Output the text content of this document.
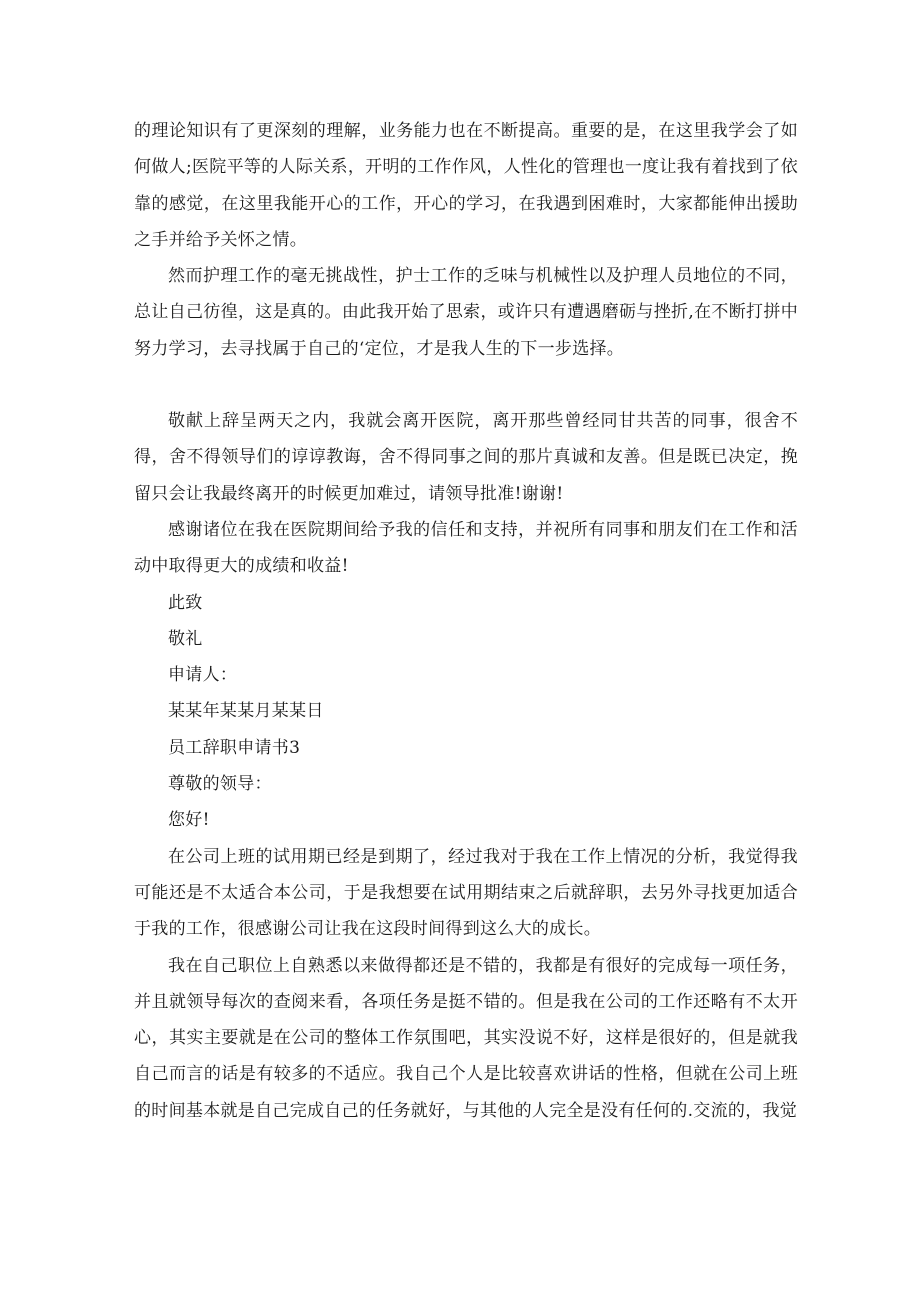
的理论知识有了更深刻的理解，业务能力也在不断提高。重要的是，在这里我学会了如何做人;医院平等的人际关系，开明的工作作风，人性化的管理也一度让我有着找到了依靠的感觉，在这里我能开心的工作，开心的学习，在我遇到困难时，大家都能伸出援助之手并给予关怀之情。

然而护理工作的毫无挑战性，护士工作的乏味与机械性以及护理人员地位的不同，总让自己彷徨，这是真的。由此我开始了思索，或许只有遭遇磨砺与挫折,在不断打拼中努力学习，去寻找属于自己的‘定位，才是我人生的下一步选择。

敬献上辞呈两天之内，我就会离开医院，离开那些曾经同甘共苦的同事，很舍不得，舍不得领导们的谆谆教诲，舍不得同事之间的那片真诚和友善。但是既已决定，挽留只会让我最终离开的时候更加难过，请领导批准!谢谢!

感谢诸位在我在医院期间给予我的信任和支持，并祝所有同事和朋友们在工作和活动中取得更大的成绩和收益!

此致

敬礼

申请人：

某某年某某月某某日

员工辞职申请书3

尊敬的领导：

您好!

在公司上班的试用期已经是到期了，经过我对于我在工作上情况的分析，我觉得我可能还是不太适合本公司，于是我想要在试用期结束之后就辞职，去另外寻找更加适合于我的工作，很感谢公司让我在这段时间得到这么大的成长。

我在自己职位上自熟悉以来做得都还是不错的，我都是有很好的完成每一项任务，并且就领导每次的查阅来看，各项任务是挺不错的。但是我在公司的工作还略有不太开心，其实主要就是在公司的整体工作氛围吧，其实没说不好，这样是很好的，但是就我自己而言的话是有较多的不适应。我自己个人是比较喜欢讲话的性格，但就在公司上班的时间基本就是自己完成自己的任务就好，与其他的人完全是没有任何的.交流的，我觉
